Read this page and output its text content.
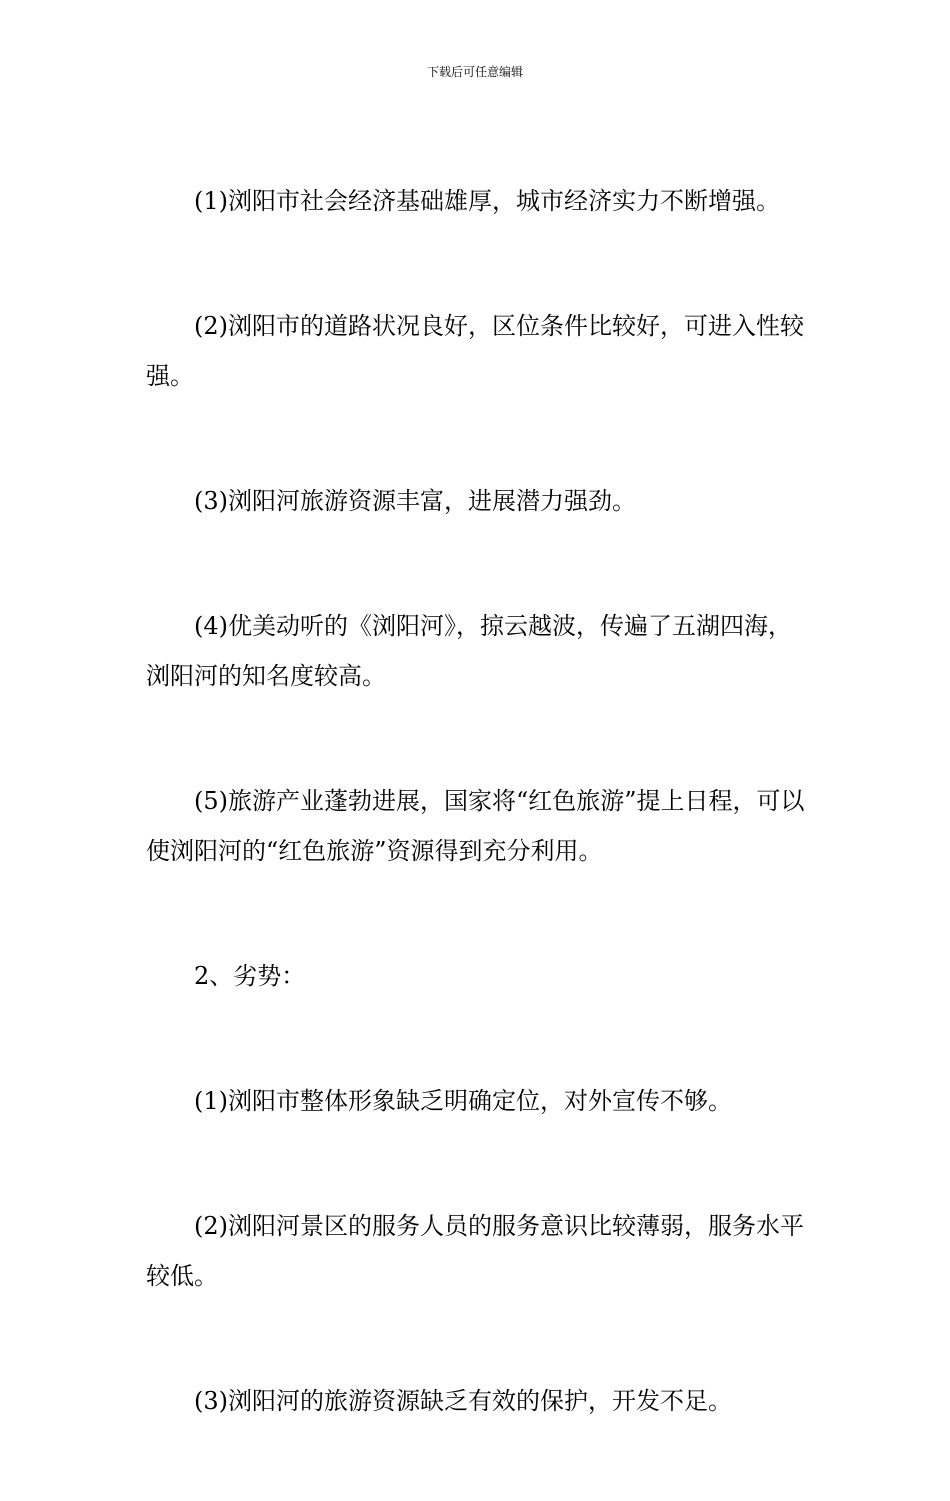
下载后可任意编辑

(1)浏阳市社会经济基础雄厚，城市经济实力不断增强。

(2)浏阳市的道路状况良好，区位条件比较好，可进入性较强。

(3)浏阳河旅游资源丰富，进展潜力强劲。

(4)优美动听的《浏阳河》，掠云越波，传遍了五湖四海，浏阳河的知名度较高。

(5)旅游产业蓬勃进展，国家将“红色旅游”提上日程，可以使浏阳河的“红色旅游”资源得到充分利用。

2、劣势：

(1)浏阳市整体形象缺乏明确定位，对外宣传不够。

(2)浏阳河景区的服务人员的服务意识比较薄弱，服务水平较低。

(3)浏阳河的旅游资源缺乏有效的保护，开发不足。
